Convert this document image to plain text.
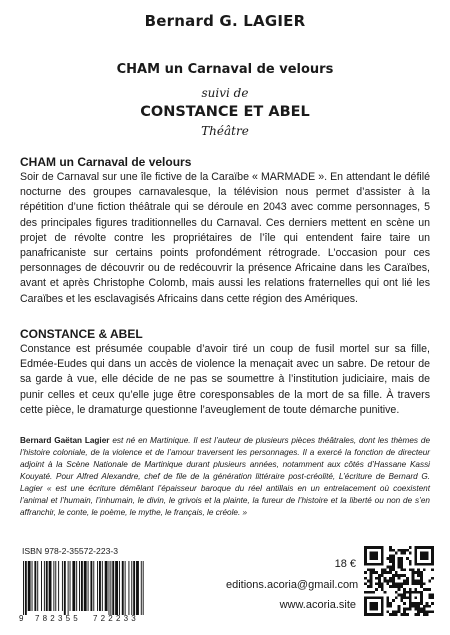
Bernard G. LAGIER
CHAM un Carnaval de velours
suivi de
CONSTANCE ET ABEL
Théâtre
CHAM un Carnaval de velours

Soir de Carnaval sur une île fictive de la Caraïbe « MARMADE ». En attendant le défilé nocturne des groupes carnavalesque, la télévision nous permet d’assister à la répétition d’une fiction théâtrale qui se déroule en 2043 avec comme personnages, 5 des principales figures traditionnelles du Carnaval. Ces derniers mettent en scène un projet de révolte contre les propriétaires de l’île qui entendent faire taire un panafricaniste sur certains points profondément rétrograde. L’occasion pour ces personnages de découvrir ou de redécouvrir la présence Africaine dans les Caraïbes, avant et après Christophe Colomb, mais aussi les relations fraternelles qui ont lié les Caraïbes et les esclavagisés Africains dans cette région des Amériques.

CONSTANCE & ABEL

Constance est présumée coupable d’avoir tiré un coup de fusil mortel sur sa fille, Edmée-Eudes qui dans un accès de violence la menaçait avec un sabre. De retour de sa garde à vue, elle décide de ne pas se soumettre à l’institution judiciaire, mais de punir celles et ceux qu’elle juge être coresponsables de la mort de sa fille. À travers cette pièce, le dramaturge questionne l’aveuglement de toute démarche punitive.

Bernard Gaëtan Lagier est né en Martinique. Il est l’auteur de plusieurs pièces théâtrales, dont les thèmes de l’histoire coloniale, de la violence et de l’amour traversent les personnages. Il a exercé la fonction de directeur adjoint à la Scène Nationale de Martinique durant plusieurs années, notamment aux côtés d’Hassane Kassi Kouyaté. Pour Alfred Alexandre, chef de file de la génération littéraire post-créolité, L’écriture de Bernard G. Lagier « est une écriture démêlant l’épaisseur baroque du réel antillais en un entrelacement où coexistent l’animal et l’humain, l’inhumain, le divin, le grivois et la plainte, la fureur de l’histoire et la liberté ou non de s’en affranchir, le conte, le poème, le mythe, le français, le créole. »

ISBN 978-2-35572-223-3
9 782355 722233
18 €
editions.acoria@gmail.com
www.acoria.site
